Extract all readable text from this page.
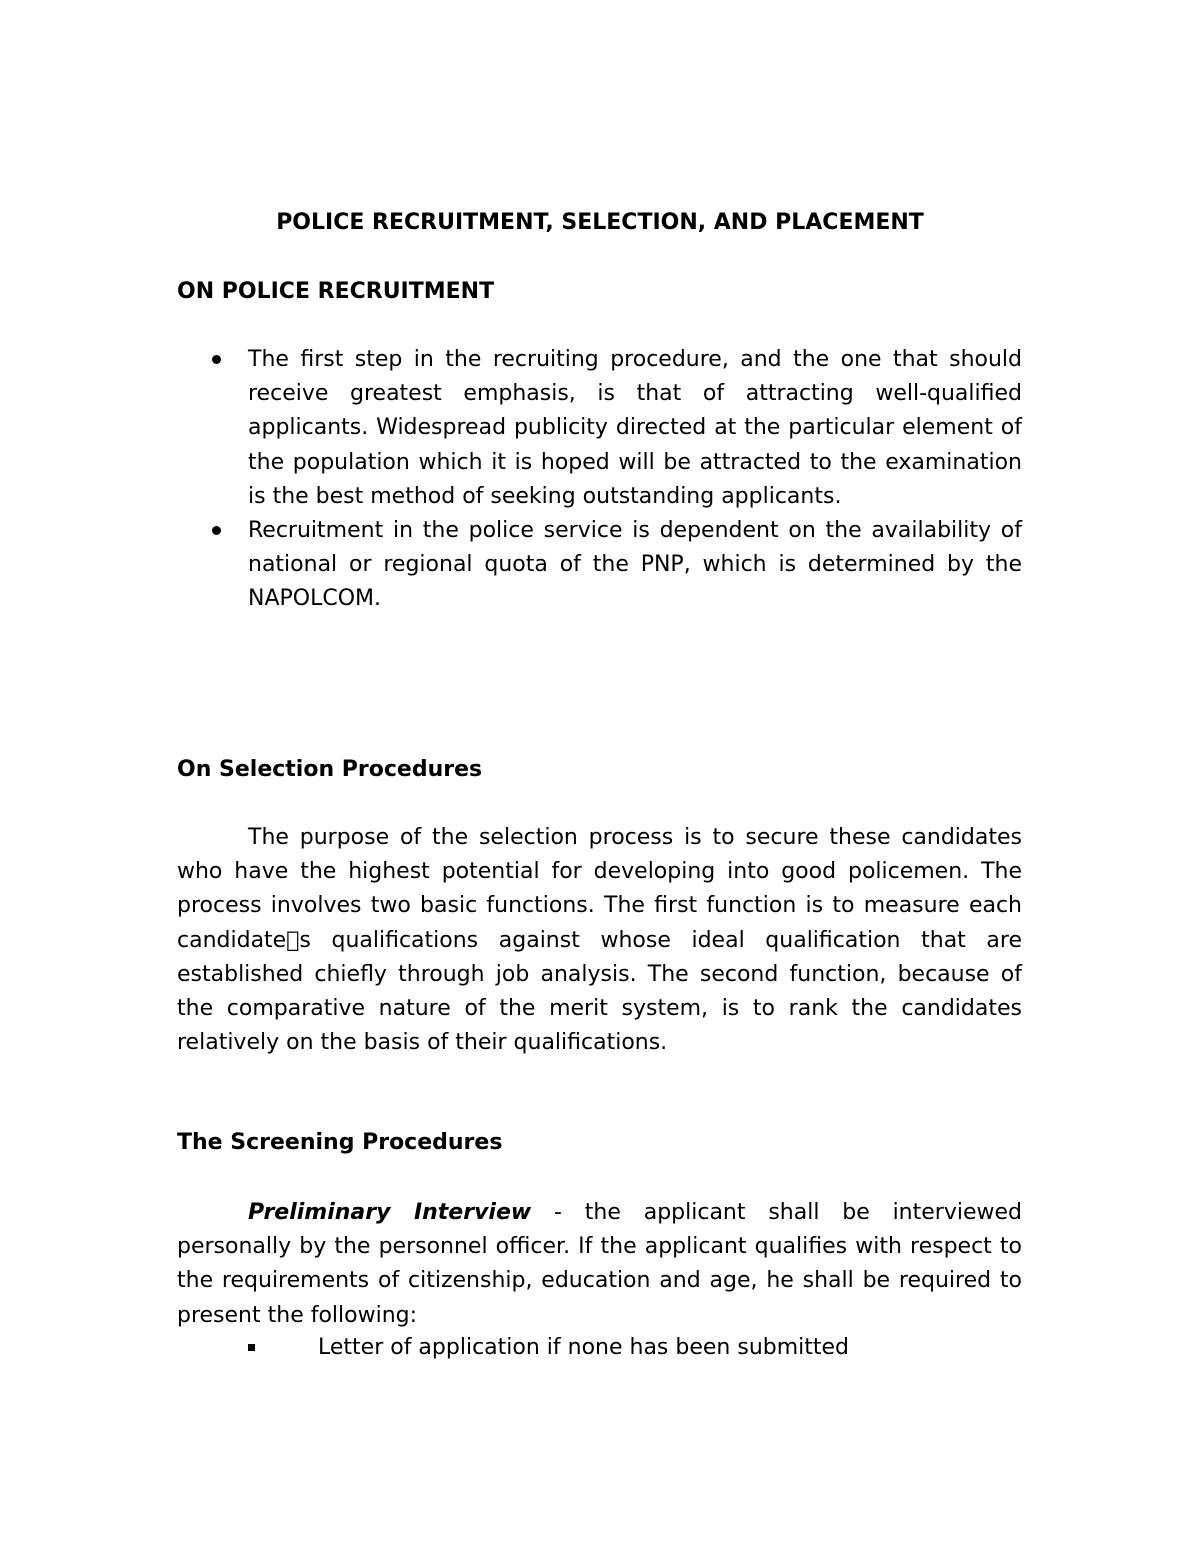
POLICE RECRUITMENT, SELECTION, AND PLACEMENT
ON POLICE RECRUITMENT
The first step in the recruiting procedure, and the one that should receive greatest emphasis, is that of attracting well-qualified applicants. Widespread publicity directed at the particular element of the population which it is hoped will be attracted to the examination is the best method of seeking outstanding applicants.
Recruitment in the police service is dependent on the availability of national or regional quota of the PNP, which is determined by the NAPOLCOM.
On Selection Procedures

The purpose of the selection process is to secure these candidates who have the highest potential for developing into good policemen. The process involves two basic functions. The first function is to measure each candidate s qualifications against whose ideal qualification that are established chiefly through job analysis. The second function, because of the comparative nature of the merit system, is to rank the candidates relatively on the basis of their qualifications.

The Screening Procedures

Preliminary Interview - the applicant shall be interviewed personally by the personnel officer. If the applicant qualifies with respect to the requirements of citizenship, education and age, he shall be required to present the following:

Letter of application if none has been submitted
